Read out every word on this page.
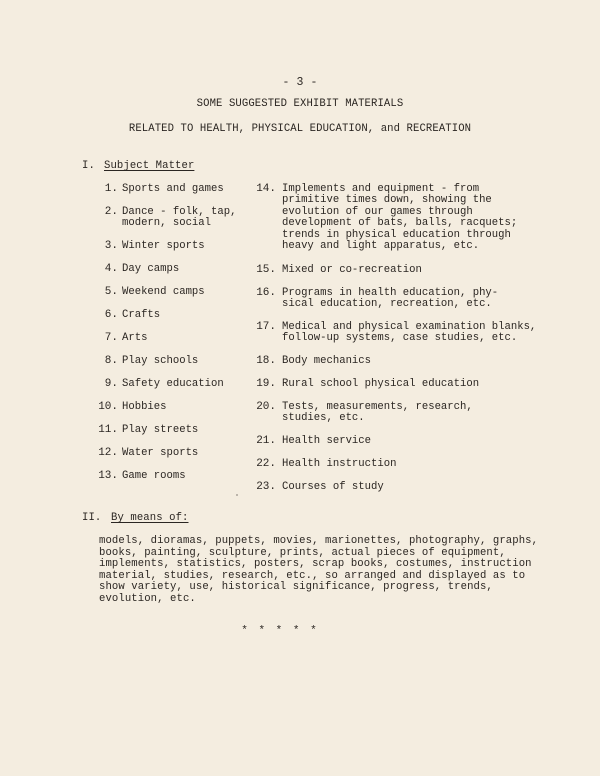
- 3 -
SOME SUGGESTED EXHIBIT MATERIALS
RELATED TO HEALTH, PHYSICAL EDUCATION, and RECREATION
I. Subject Matter
1. Sports and games
2. Dance - folk, tap,
modern, social
3. Winter sports
4. Day camps
5. Weekend camps
6. Crafts
7. Arts
8. Play schools
9. Safety education
10. Hobbies
11. Play streets
12. Water sports
13. Game rooms
14. Implements and equipment - from
primitive times down, showing the
evolution of our games through
development of bats, balls, racquets;
trends in physical education through
heavy and light apparatus, etc.
15. Mixed or co-recreation
16. Programs in health education, phy-
sical education, recreation, etc.
17. Medical and physical examination blanks,
follow-up systems, case studies, etc.
18. Body mechanics
19. Rural school physical education
20. Tests, measurements, research,
studies, etc.
21. Health service
22. Health instruction
23. Courses of study
II. By means of:
models, dioramas, puppets, movies, marionettes, photography, graphs,
books, painting, sculpture, prints, actual pieces of equipment,
implements, statistics, posters, scrap books, costumes, instruction
material, studies, research, etc., so arranged and displayed as to
show variety, use, historical significance, progress, trends,
evolution, etc.
* * * * *
